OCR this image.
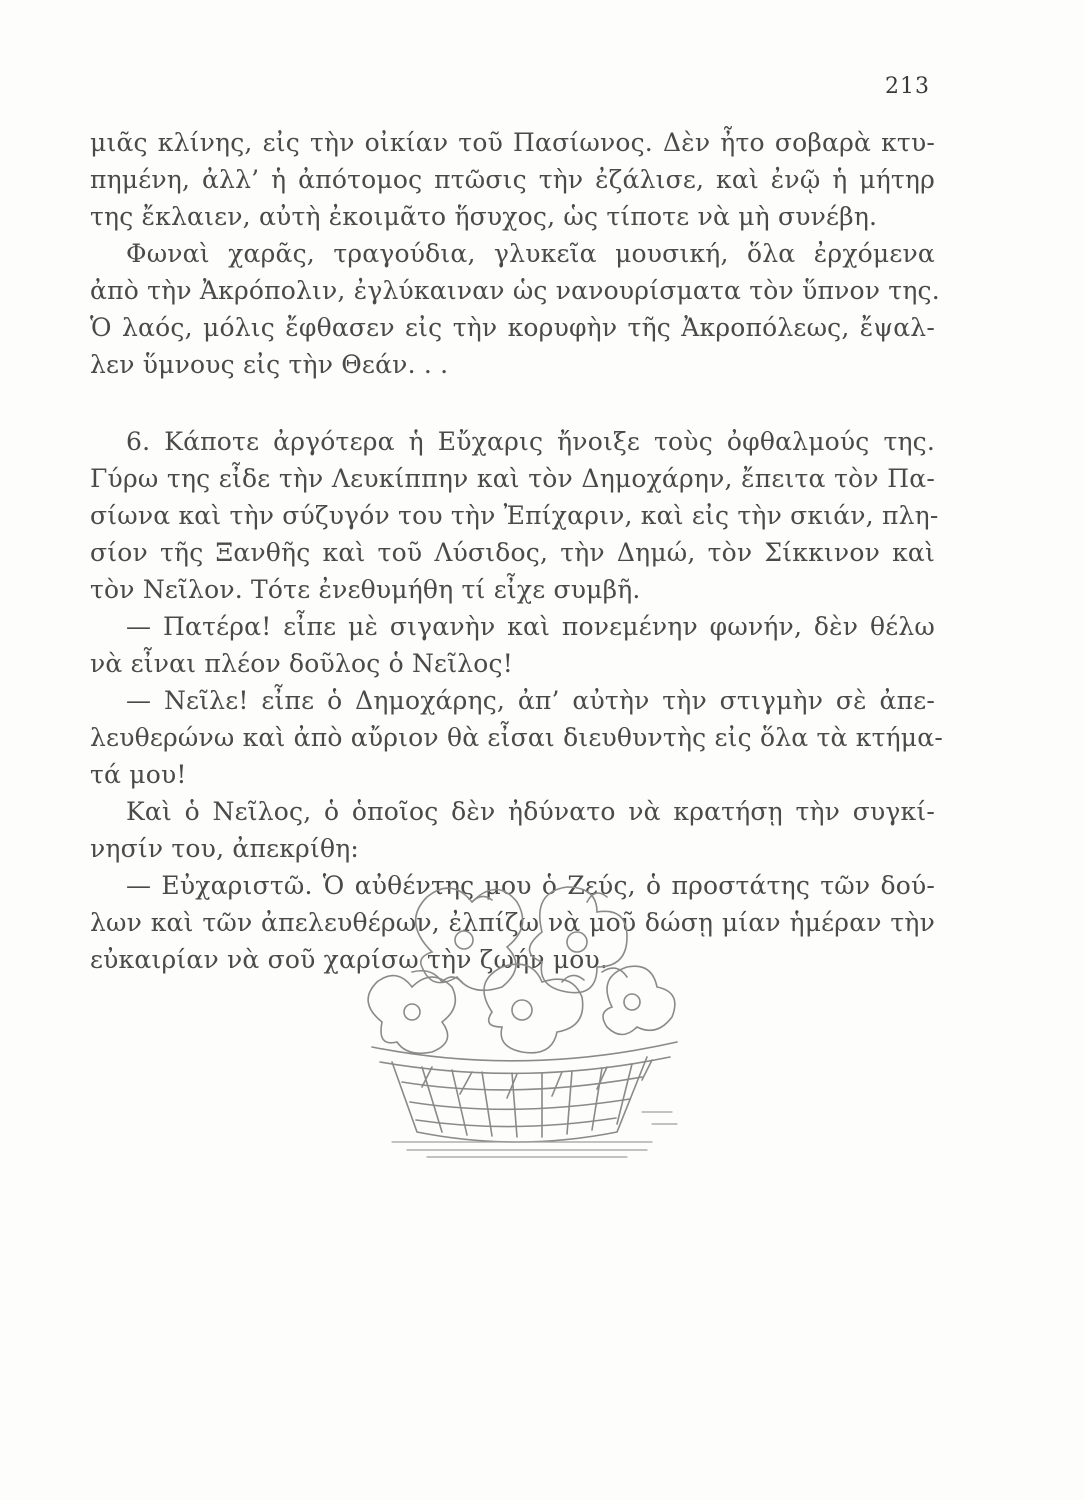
213
μιᾶς κλίνης, εἰς τὴν οἰκίαν τοῦ Πασίωνος. Δὲν ἦτο σοβαρὰ κτυ-
πημένη, ἀλλ’ ἡ ἀπότομος πτῶσις τὴν ἐζάλισε, καὶ ἐνῷ ἡ μήτηρ
της ἔκλαιεν, αὐτὴ ἐκοιμᾶτο ἥσυχος, ὡς τίποτε νὰ μὴ συνέβη.
Φωναὶ χαρᾶς, τραγούδια, γλυκεῖα μουσική, ὅλα ἐρχόμενα
ἀπὸ τὴν Ἀκρόπολιν, ἐγλύκαιναν ὡς νανουρίσματα τὸν ὕπνον της.
Ὁ λαός, μόλις ἔφθασεν εἰς τὴν κορυφὴν τῆς Ἀκροπόλεως, ἔψαλ-
λεν ὕμνους εἰς τὴν Θεάν. . .
6. Κάποτε ἀργότερα ἡ Εὔχαρις ἤνοιξε τοὺς ὀφθαλμούς της.
Γύρω της εἶδε τὴν Λευκίππην καὶ τὸν Δημοχάρην, ἔπειτα τὸν Πα-
σίωνα καὶ τὴν σύζυγόν του τὴν Ἐπίχαριν, καὶ εἰς τὴν σκιάν, πλη-
σίον τῆς Ξανθῆς καὶ τοῦ Λύσιδος, τὴν Δημώ, τὸν Σίκκινον καὶ
τὸν Νεῖλον. Τότε ἐνεθυμήθη τί εἶχε συμβῆ.
— Πατέρα! εἶπε μὲ σιγανὴν καὶ πονεμένην φωνήν, δὲν θέλω
νὰ εἶναι πλέον δοῦλος ὁ Νεῖλος!
— Νεῖλε! εἶπε ὁ Δημοχάρης, ἀπ’ αὐτὴν τὴν στιγμὴν σὲ ἀπε-
λευθερώνω καὶ ἀπὸ αὔριον θὰ εἶσαι διευθυντὴς εἰς ὅλα τὰ κτήμα-
τά μου!
Καὶ ὁ Νεῖλος, ὁ ὁποῖος δὲν ἠδύνατο νὰ κρατήσῃ τὴν συγκί-
νησίν του, ἀπεκρίθη:
— Εὐχαριστῶ. Ὁ αὐθέντης μου ὁ Ζεύς, ὁ προστάτης τῶν δού-
λων καὶ τῶν ἀπελευθέρων, ἐλπίζω νὰ μοῦ δώσῃ μίαν ἡμέραν τὴν
εὐκαιρίαν νὰ σοῦ χαρίσω τὴν ζωήν μου.
